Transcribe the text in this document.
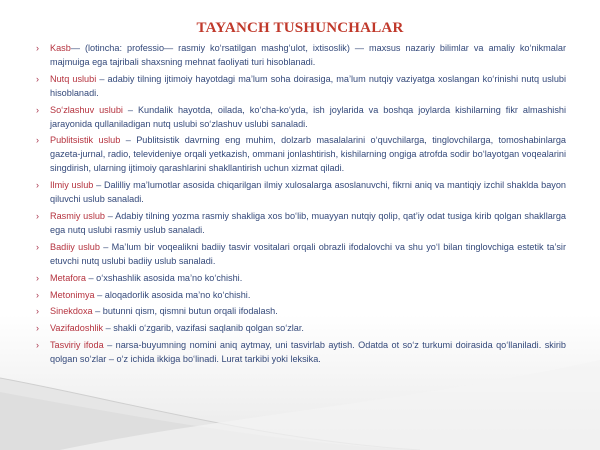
TAYANCH TUSHUNCHALAR
› Kasb— (lotincha: professio— rasmiy ko‘rsatilgan mashg‘ulot, ixtisoslik) — maxsus nazariy bilimlar va amaliy ko‘nikmalar majmuiga ega tajribali shaxsning mehnat faoliyati turi hisoblanadi.
› Nutq uslubi – adabiy tilning ijtimoiy hayotdagi ma’lum soha doirasiga, ma’lum nutqiy vaziyatga xoslangan ko‘rinishi nutq uslubi hisoblanadi.
› So‘zlashuv uslubi – Kundalik hayotda, oilada, ko‘cha-ko‘yda, ish joylarida va boshqa joylarda kishilarning fikr almashishi jarayonida qullaniladigan nutq uslubi so‘zlashuv uslubi sanaladi.
› Publitsistik uslub – Publitsistik davrning eng muhim, dolzarb masalalarini o‘quvchilarga, tinglovchilarga, tomoshabinlarga gazeta-jurnal, radio, televideniye orqali yetkazish, ommani jonlashtirish, kishilarning ongiga atrofda sodir bo‘layotgan voqealarini singdirish, ularning ijtimoiy qarashlarini shakllantirish uchun xizmat qiladi.
› Ilmiy uslub – Dalilliy ma’lumotlar asosida chiqarilgan ilmiy xulosalarga asoslanuvchi, fikrni aniq va mantiqiy izchil shaklda bayon qiluvchi uslub sanaladi.
› Rasmiy uslub – Adabiy tilning yozma rasmiy shakliga xos bo‘lib, muayyan nutqiy qolip, qat’iy odat tusiga kirib qolgan shakllarga ega nutq uslubi rasmiy uslub sanaladi.
› Badiiy uslub – Ma’lum bir voqealikni badiiy tasvir vositalari orqali obrazli ifodalovchi va shu yo‘l bilan tinglovchiga estetik ta’sir etuvchi nutq uslubi badiiy uslub sanaladi.
› Metafora – o‘xshashlik asosida ma’no ko‘chishi.
› Metonimya – aloqadorlik asosida ma’no ko‘chishi.
› Sinekdoxa – butunni qism, qismni butun orqali ifodalash.
› Vazifadoshlik – shakli o‘zgarib, vazifasi saqlanib qolgan so‘zlar.
› Tasviriy ifoda – narsa-buyumning nomini aniq aytmay, uni tasvirlab aytish. Odatda ot so‘z turkumi doirasida qo‘llaniladi. skirib qolgan so‘zlar – o‘z ichida ikkiga bo‘linadi. Lurat tarkibi yoki leksika.
